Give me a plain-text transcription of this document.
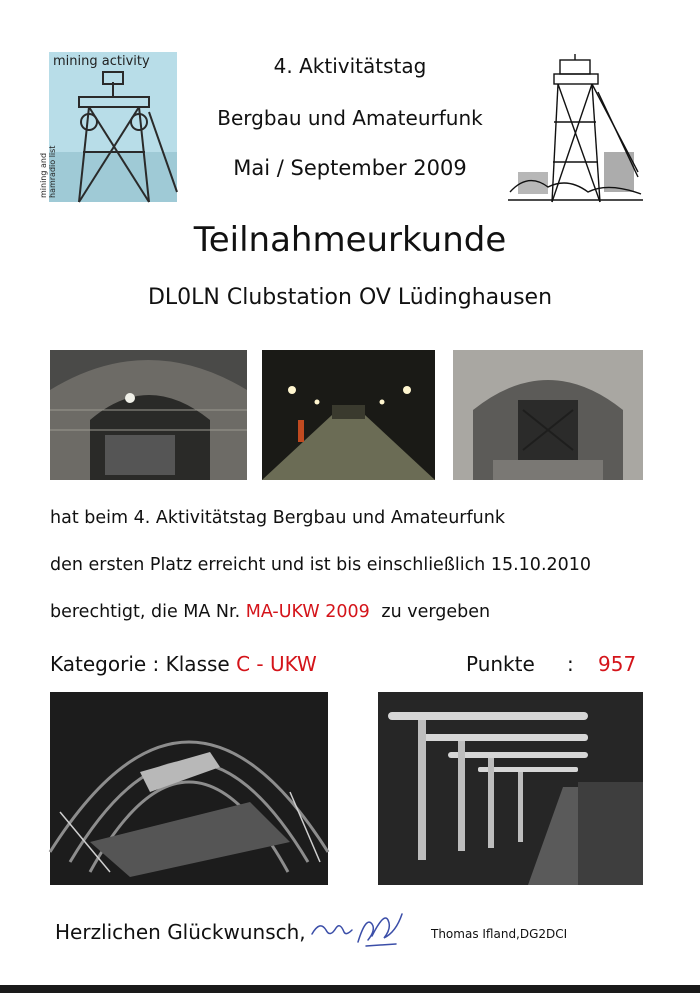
mining activity
mining and hamradio list
4. Aktivitätstag
Bergbau und Amateurfunk
Mai / September 2009
Teilnahmeurkunde
DL0LN Clubstation OV Lüdinghausen
hat beim 4. Aktivitätstag Bergbau und Amateurfunk
den ersten Platz erreicht und ist bis einschließlich 15.10.2010
berechtigt, die MA Nr. MA-UKW 2009 zu vergeben
Kategorie : Klasse C - UKW	Punkte : 957
Herzlichen Glückwunsch,	Thomas Ifland,DG2DCI
